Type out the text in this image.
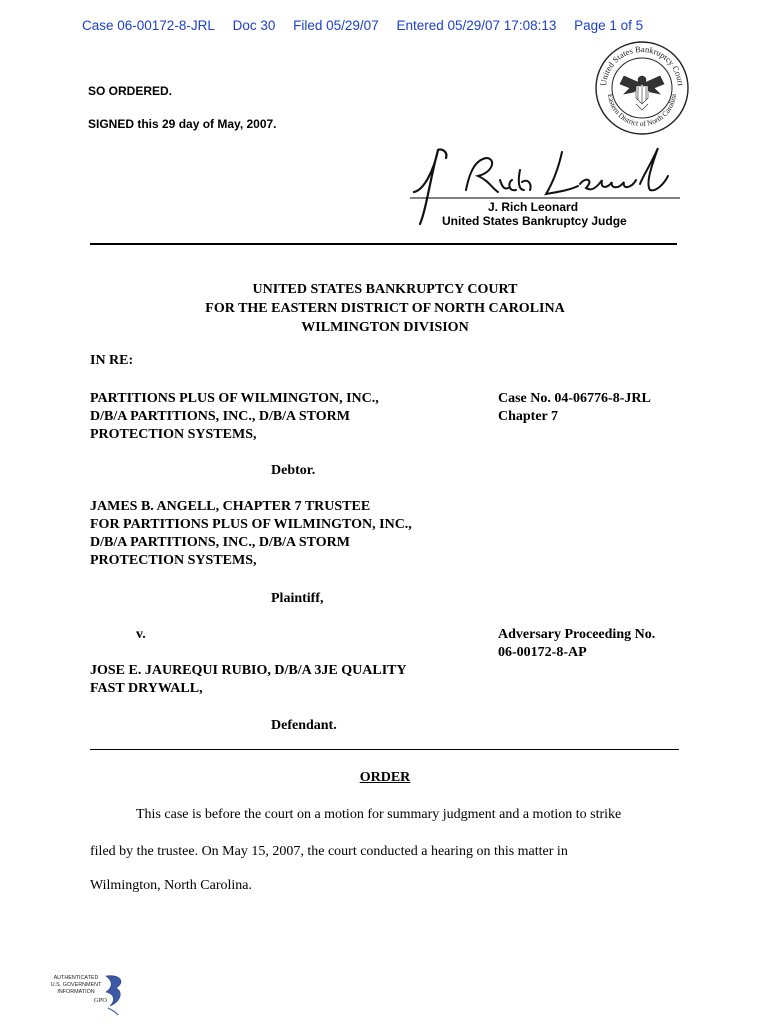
Case 06-00172-8-JRL Doc 30 Filed 05/29/07 Entered 05/29/07 17:08:13 Page 1 of 5
United States Bankruptcy Court
Eastern District of North Carolina
SO ORDERED.
SIGNED this 29 day of May, 2007.
J. Rich Leonard
United States Bankruptcy Judge
UNITED STATES BANKRUPTCY COURT
FOR THE EASTERN DISTRICT OF NORTH CAROLINA
WILMINGTON DIVISION
IN RE:
PARTITIONS PLUS OF WILMINGTON, INC.,
D/B/A PARTITIONS, INC., D/B/A STORM
PROTECTION SYSTEMS,
Case No. 04-06776-8-JRL
Chapter 7
Debtor.
JAMES B. ANGELL, CHAPTER 7 TRUSTEE
FOR PARTITIONS PLUS OF WILMINGTON, INC.,
D/B/A PARTITIONS, INC., D/B/A STORM
PROTECTION SYSTEMS,
Plaintiff,
v.	Adversary Proceeding No.
06-00172-8-AP
JOSE E. JAUREQUI RUBIO, D/B/A 3JE QUALITY
FAST DRYWALL,
Defendant.
ORDER
This case is before the court on a motion for summary judgment and a motion to strike
filed by the trustee. On May 15, 2007, the court conducted a hearing on this matter in
Wilmington, North Carolina.
AUTHENTICATED
U.S. GOVERNMENT
INFORMATION
GPO
